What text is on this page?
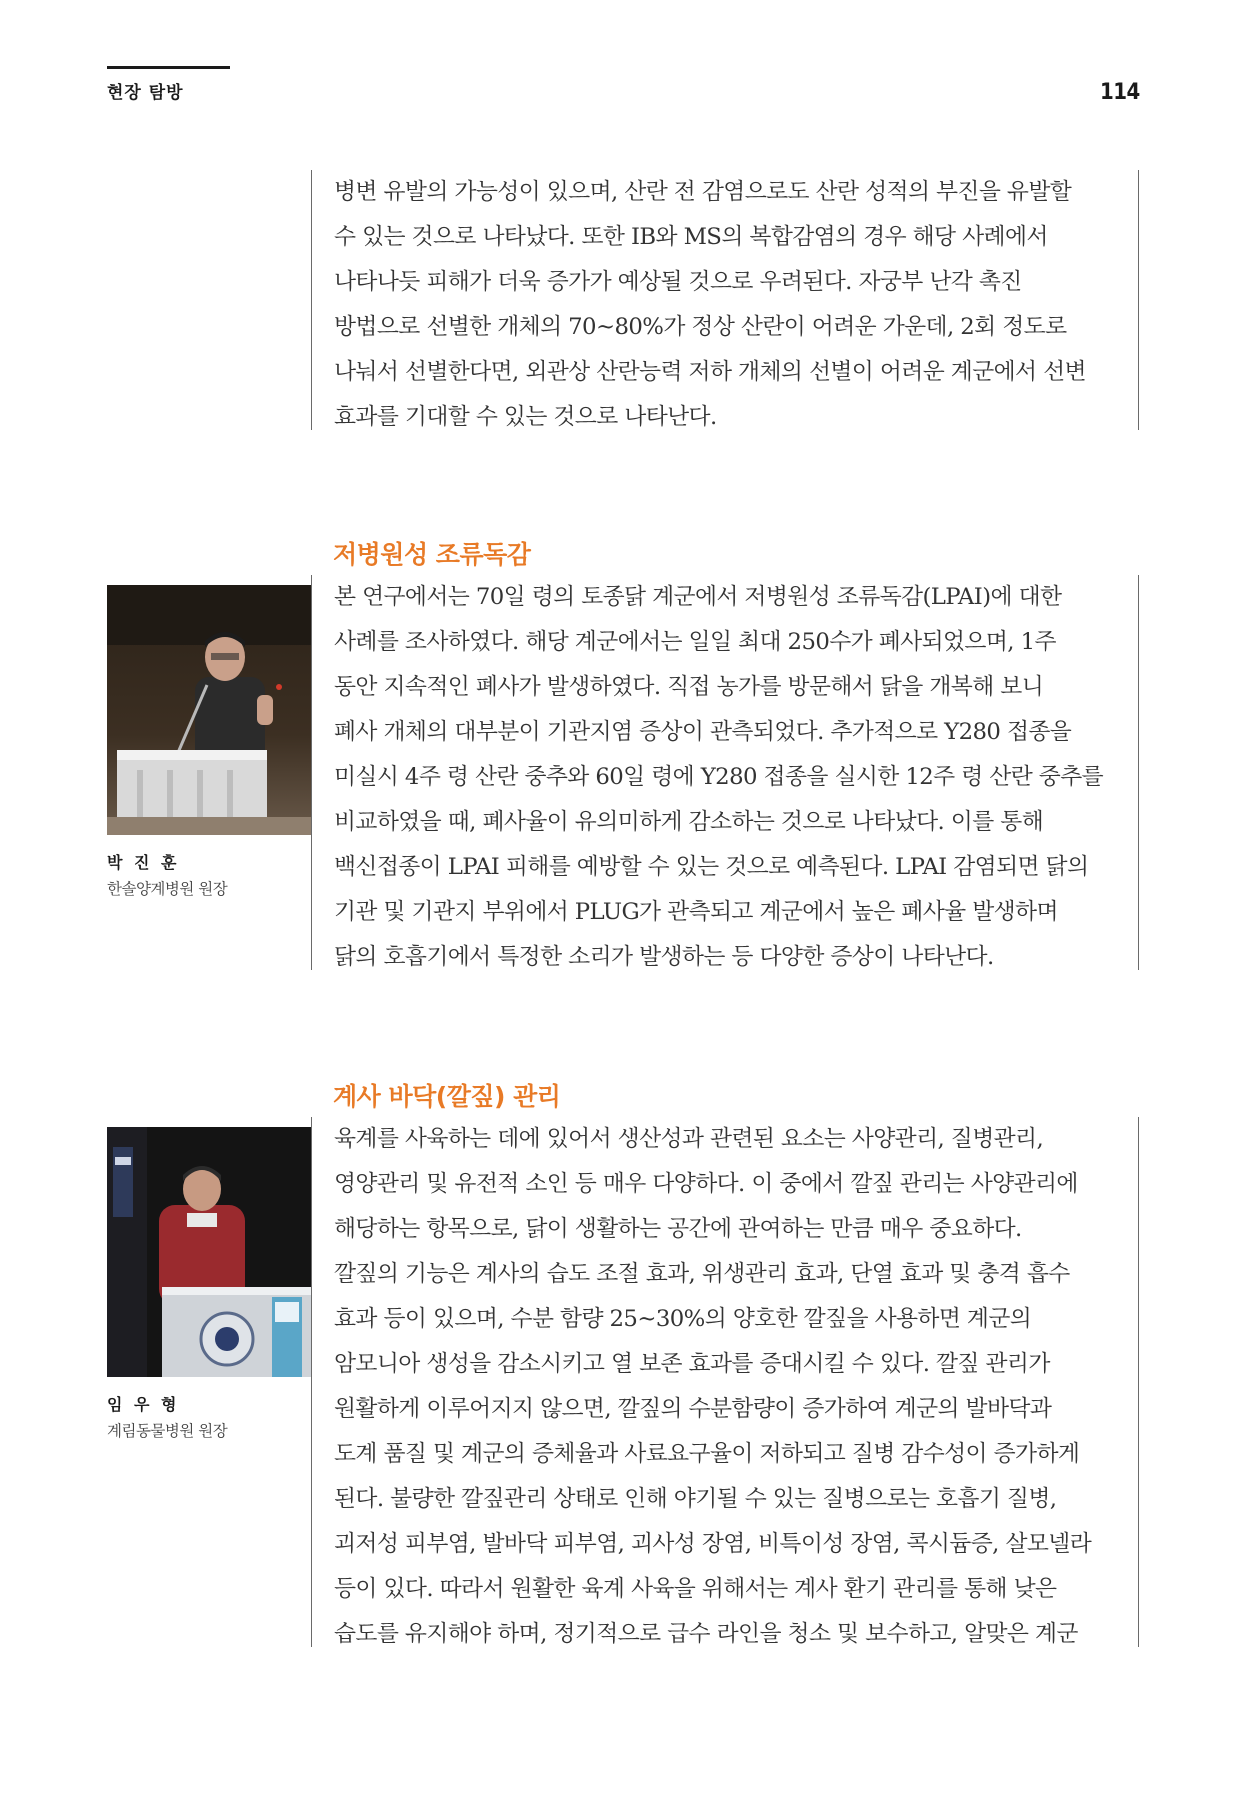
현장 탐방	114
병변 유발의 가능성이 있으며, 산란 전 감염으로도 산란 성적의 부진을 유발할
수 있는 것으로 나타났다. 또한 IB와 MS의 복합감염의 경우 해당 사례에서
나타나듯 피해가 더욱 증가가 예상될 것으로 우려된다. 자궁부 난각 촉진
방법으로 선별한 개체의 70~80%가 정상 산란이 어려운 가운데, 2회 정도로
나눠서 선별한다면, 외관상 산란능력 저하 개체의 선별이 어려운 계군에서 선변
효과를 기대할 수 있는 것으로 나타난다.
저병원성 조류독감
박 진 훈
한솔양계병원 원장
본 연구에서는 70일 령의 토종닭 계군에서 저병원성 조류독감(LPAI)에 대한
사례를 조사하였다. 해당 계군에서는 일일 최대 250수가 폐사되었으며, 1주
동안 지속적인 폐사가 발생하였다. 직접 농가를 방문해서 닭을 개복해 보니
폐사 개체의 대부분이 기관지염 증상이 관측되었다. 추가적으로 Y280 접종을
미실시 4주 령 산란 중추와 60일 령에 Y280 접종을 실시한 12주 령 산란 중추를
비교하였을 때, 폐사율이 유의미하게 감소하는 것으로 나타났다. 이를 통해
백신접종이 LPAI 피해를 예방할 수 있는 것으로 예측된다. LPAI 감염되면 닭의
기관 및 기관지 부위에서 PLUG가 관측되고 계군에서 높은 폐사율 발생하며
닭의 호흡기에서 특정한 소리가 발생하는 등 다양한 증상이 나타난다.
계사 바닥(깔짚) 관리
임 우 형
계림동물병원 원장
육계를 사육하는 데에 있어서 생산성과 관련된 요소는 사양관리, 질병관리,
영양관리 및 유전적 소인 등 매우 다양하다. 이 중에서 깔짚 관리는 사양관리에
해당하는 항목으로, 닭이 생활하는 공간에 관여하는 만큼 매우 중요하다.
깔짚의 기능은 계사의 습도 조절 효과, 위생관리 효과, 단열 효과 및 충격 흡수
효과 등이 있으며, 수분 함량 25~30%의 양호한 깔짚을 사용하면 계군의
암모니아 생성을 감소시키고 열 보존 효과를 증대시킬 수 있다. 깔짚 관리가
원활하게 이루어지지 않으면, 깔짚의 수분함량이 증가하여 계군의 발바닥과
도계 품질 및 계군의 증체율과 사료요구율이 저하되고 질병 감수성이 증가하게
된다. 불량한 깔짚관리 상태로 인해 야기될 수 있는 질병으로는 호흡기 질병,
괴저성 피부염, 발바닥 피부염, 괴사성 장염, 비특이성 장염, 콕시듐증, 살모넬라
등이 있다. 따라서 원활한 육계 사육을 위해서는 계사 환기 관리를 통해 낮은
습도를 유지해야 하며, 정기적으로 급수 라인을 청소 및 보수하고, 알맞은 계군
